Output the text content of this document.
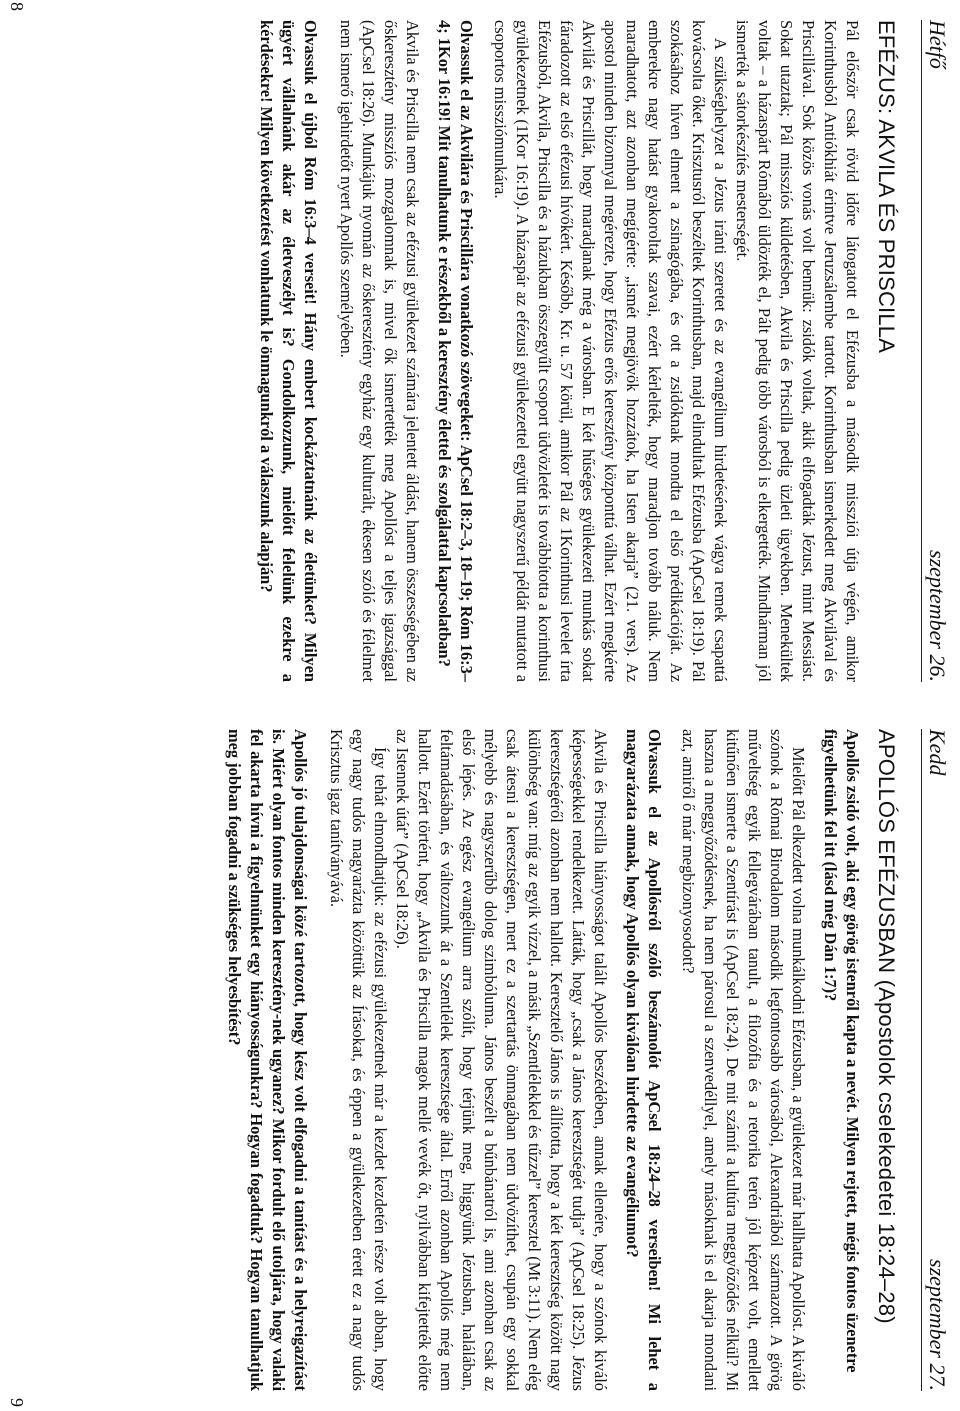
Hétfő
szeptember 26.
EFÉZUS: AKVILA ÉS PRISCILLA

Pál először csak rövid időre látogatott el Efézusba a második missziói útja végén, amikor Korinthusból Antiókhiát érintve Jeruzsálembe tartott. Korinthusban ismerkedett meg Akvilával és Priscillával. Sok közös vonás volt bennük: zsidók voltak, akik elfogadták Jézust, mint Messiást. Sokat utaztak; Pál missziós küldetésben, Akvila és Priscilla pedig üzleti ügyekben. Menekültek voltak – a házaspárt Rómából üldözték el, Pált pedig több városból is elkergették. Mindhárman jól ismerték a sátorkészítés mesterségét.

A szükséghelyzet a Jézus iránti szeretet és az evangélium hirdetésének vágya remek csapattá kovácsolta őket. Krisztusról beszéltek Korinthusban, majd elindultak Efézusba (ApCsel 18:19). Pál szokásához híven elment a zsinagógába, és ott a zsidóknak mondta el első prédikációját. Az emberekre nagy hatást gyakoroltak szavai, ezért kérlelték, hogy maradjon tovább náluk. Nem maradhatott, azt azonban megígérte: „ismét megjövök hozzátok, ha Isten akarja” (21. vers). Az apostol minden bizonnyal megérezte, hogy Efézus erős keresztény központtá válhat. Ezért megkérte Akvilát és Priscillát, hogy maradjanak még a városban. E két hűséges gyülekezeti munkás sokat fáradozott az első efézusi hívőkért. Később, Kr. u. 57 körül, amikor Pál az 1Korinthusi levelet írta Efézusból, Akvila, Priscilla és a házukban összegyűlt csoport üdvözletét is továbbította a korinthusi gyülekezetnek (1Kor 16:19). A házaspár az efézusi gyülekezettel együtt nagyszerű példát mutatott a csoportos missziómunkára.

Olvassuk el az Akvilára és Priscillára vonatkozó szövegeket: ApCsel 18:2–3, 18–19; Róm 16:3–4; 1Kor 16:19! Mit tanulhatunk e részekből a keresztény élettel és szolgálattal kapcsolatban?

Akvila és Priscilla nem csak az efézusi gyülekezet számára jelentett áldást, hanem összességében az őskeresztény missziós mozgalomnak is, mivel ők ismertették meg Apollóst a teljes igazsággal (ApCsel 18:26). Munkájuk nyomán az őskeresztény egyház egy kulturált, ékesen szóló és félelmet nem ismerő igehirdetőt nyert Apollós személyében.

Olvassuk el újból Róm 16:3–4 verseit! Hány embert kockáztatnánk az életünket? Milyen ügyért vállalnánk akár az életveszélyt is? Gondolkozzunk, mielőtt felelünk ezekre a kérdésekre! Milyen következtést vonhatunk le önmagunkról a válaszunk alapján?
8
Kedd
szeptember 27.
APOLLÓS EFÉZUSBAN (Apostolok cselekedetei 18:24–28)
Apollós zsidó volt, aki egy görög istenről kapta a nevét. Milyen rejtett, mégis fontos üzenetre figyelhetünk fel itt (lásd még Dán 1:7)?

Mielőtt Pál elkezdett volna munkálkodni Efézusban, a gyülekezet már hallhatta Apollóst. A kiváló szónok a Római Birodalom második legfontosabb városából, Alexandriából származott. A görög műveltség egyik fellegvárában tanult, a filozófia és a retorika terén jól képzett volt, emellett kitűnően ismerte a Szentírást is (ApCsel 18:24). De mit számít a kultúra meggyőződés nélkül? Mi haszna a meggyőződésnek, ha nem párosul a szenvedéllyel, amely másoknak is el akarja mondani azt, amiről ő már megbizonyosodott?

Olvassuk el az Apollósról szóló beszámolót ApCsel 18:24–28 verseiben! Mi lehet a magyarázata annak, hogy Apollós olyan kiválóan hirdette az evangéliumot?

Akvila és Priscilla hiányosságot talált Apollós beszédében, annak ellenére, hogy a szónok kiváló képességekkel rendelkezett. Látták, hogy „csak a János keresztségét tudja” (ApCsel 18:25). Jézus keresztségéről azonban nem hallott. Keresztelő János is állította, hogy a két keresztség között nagy különbség van: míg az egyik vízzel, a másik „Szentlélekkel és tűzzel” keresztel (Mt 3:11). Nem elég csak átesni a keresztségen, mert ez a szertartás önmagában nem üdvözíthet, csupán egy sokkal mélyebb és nagyszerűbb dolog szimbóluma. János beszélt a bűnbánatról is, ami azonban csak az első lépés. Az egész evangélium arra szólít, hogy térjünk meg, higgyünk Jézusban, halálában, feltámadásában, és változzunk át a Szentlélek keresztsége által. Erről azonban Apollós még nem hallott. Ezért történt, hogy „Akvila és Priscilla magok mellé vevék őt, nyilvábban kifejtették előtte az Istennek útát” (ApCsel 18:26).

Így tehát elmondhatjuk: az efézusi gyülekezetnek már a kezdet kezdetén része volt abban, hogy egy nagy tudós magyarázta közöttük az Írásokat, és éppen a gyülekezetben érett ez a nagy tudós Krisztus igaz tanítványává.

Apollós jó tulajdonságai közé tartozott, hogy kész volt elfogadni a tanítást és a helyreigazítást is. Miért olyan fontos minden keresztény-nek ugyanez? Mikor fordult elő utoljára, hogy valaki fel akarta hívni a figyelmünket egy hiányosságunkra? Hogyan fogadtuk? Hogyan tanulhatjuk meg jobban fogadni a szükséges helyesbítést?
9
